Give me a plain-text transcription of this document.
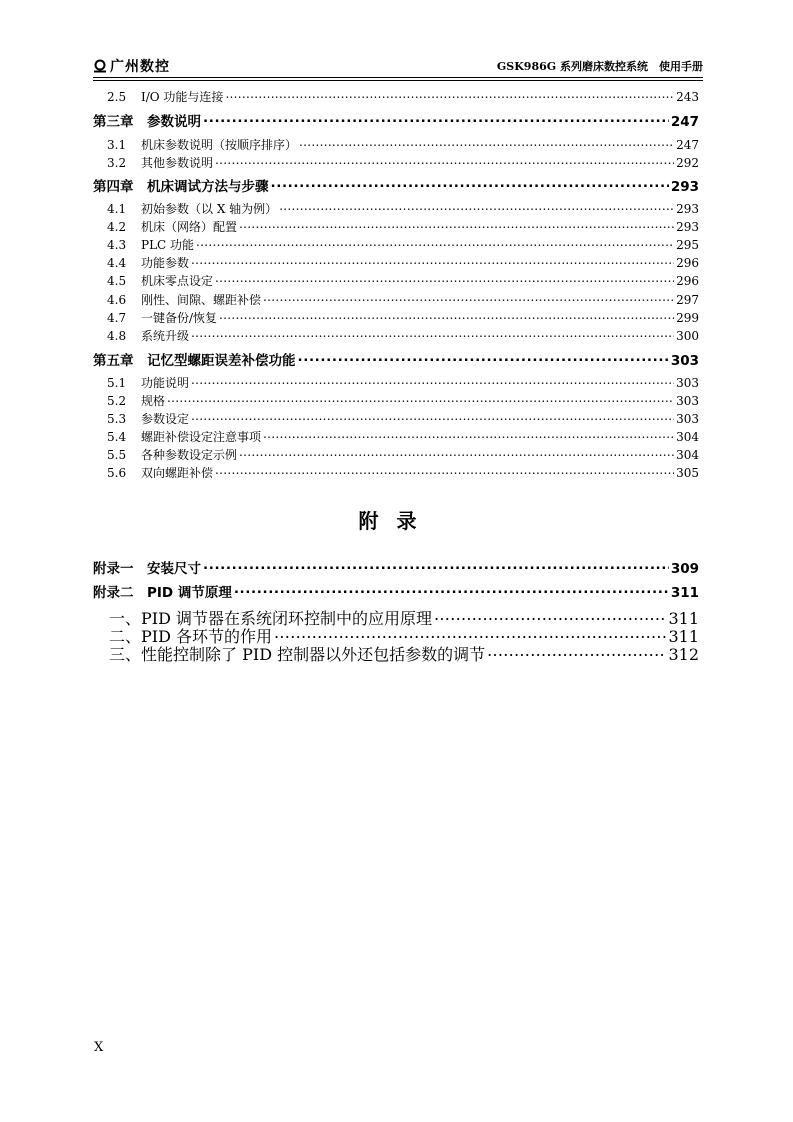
广州数控	GSK986G 系列磨床数控系统　使用手册
2.5	I/O 功能与连接 .....	243
第三章　参数说明 .....	247
3.1	机床参数说明（按顺序排序） .....	247
3.2	其他参数说明 .....	292
第四章　机床调试方法与步骤 .....	293
4.1	初始参数（以 X 轴为例） .....	293
4.2	机床（网络）配置 .....	293
4.3	PLC 功能 .....	295
4.4	功能参数 .....	296
4.5	机床零点设定 .....	296
4.6	刚性、间隙、螺距补偿 .....	297
4.7	一键备份/恢复 .....	299
4.8	系统升级 .....	300
第五章　记忆型螺距误差补偿功能 .....	303
5.1	功能说明 .....	303
5.2	规格 .....	303
5.3	参数设定 .....	303
5.4	螺距补偿设定注意事项 .....	304
5.5	各种参数设定示例 .....	304
5.6	双向螺距补偿 .....	305
附录
附录一　安装尺寸 .....	309
附录二　PID 调节原理 .....	311
一、 PID 调节器在系统闭环控制中的应用原理 .....	311
二、 PID 各环节的作用 .....	311
三、 性能控制除了 PID 控制器以外还包括参数的调节 .....	312
X
